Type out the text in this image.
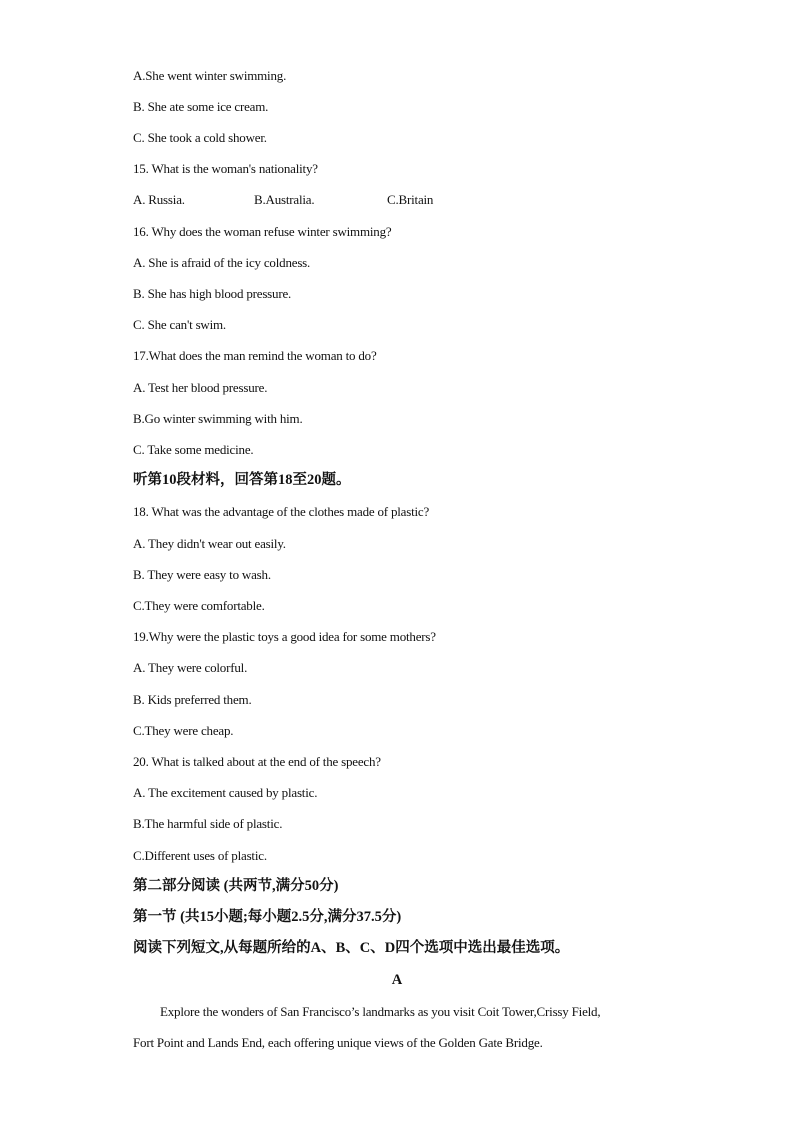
A.She went winter swimming.
B. She ate some ice cream.
C. She took a cold shower.
15. What is the woman's nationality?
A. Russia.	B.Australia.	C.Britain
16. Why does the woman refuse winter swimming?
A. She is afraid of the icy coldness.
B. She has high blood pressure.
C. She can't swim.
17.What does the man remind the woman to do?
A. Test her blood pressure.
B.Go winter swimming with him.
C. Take some medicine.
听第10段材料，回答第18至20题。
18. What was the advantage of the clothes made of plastic?
A. They didn't wear out easily.
B. They were easy to wash.
C.They were comfortable.
19.Why were the plastic toys a good idea for some mothers?
A. They were colorful.
B. Kids preferred them.
C.They were cheap.
20. What is talked about at the end of the speech?
A. The excitement caused by plastic.
B.The harmful side of plastic.
C.Different uses of plastic.
第二部分阅读 (共两节,满分50分)
第一节 (共15小题;每小题2.5分,满分37.5分)
阅读下列短文,从每题所给的A、B、C、D四个选项中选出最佳选项。
A
Explore the wonders of San Francisco’s landmarks as you visit Coit Tower,Crissy Field,
Fort Point and Lands End, each offering unique views of the Golden Gate Bridge.
